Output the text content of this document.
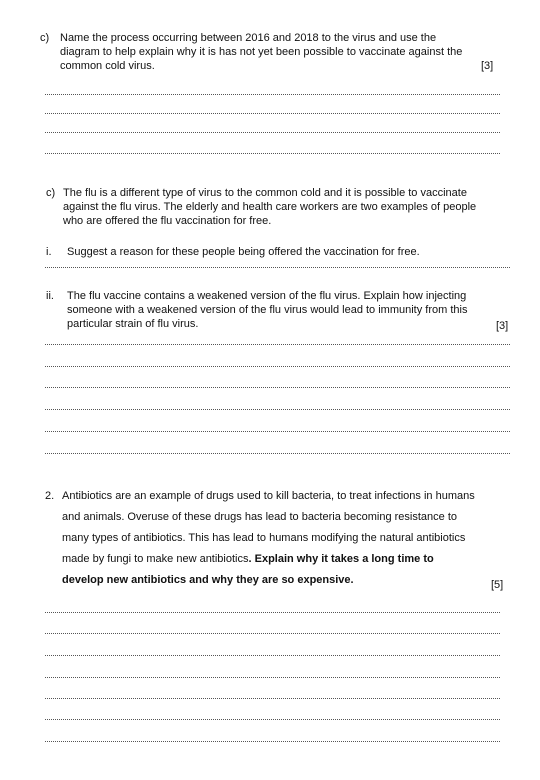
c) Name the process occurring between 2016 and 2018 to the virus and use the
diagram to help explain why it is has not yet been possible to vaccinate against the
common cold virus.	[3]
c) The flu is a different type of virus to the common cold and it is possible to vaccinate
against the flu virus. The elderly and health care workers are two examples of people
who are offered the flu vaccination for free.
i. Suggest a reason for these people being offered the vaccination for free.
ii. The flu vaccine contains a weakened version of the flu virus. Explain how injecting
someone with a weakened version of the flu virus would lead to immunity from this
particular strain of flu virus.	[3]
2. Antibiotics are an example of drugs used to kill bacteria, to treat infections in humans
and animals. Overuse of these drugs has lead to bacteria becoming resistance to
many types of antibiotics. This has lead to humans modifying the natural antibiotics
made by fungi to make new antibiotics. Explain why it takes a long time to
develop new antibiotics and why they are so expensive.	[5]
